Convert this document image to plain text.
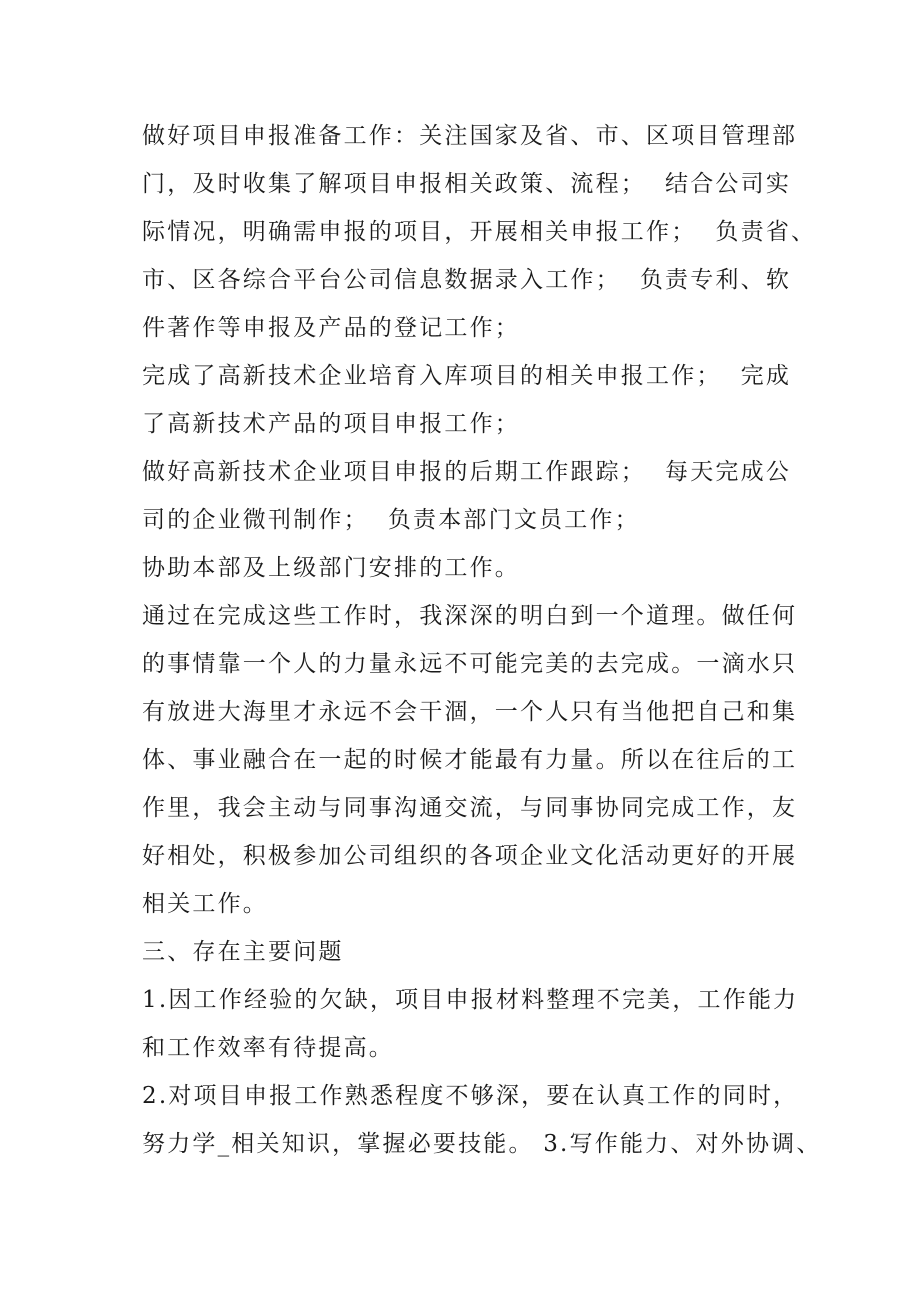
做好项目申报准备工作：关注国家及省、市、区项目管理部
门，及时收集了解项目申报相关政策、流程；  结合公司实
际情况，明确需申报的项目，开展相关申报工作；  负责省、
市、区各综合平台公司信息数据录入工作；  负责专利、软
件著作等申报及产品的登记工作；
完成了高新技术企业培育入库项目的相关申报工作；  完成
了高新技术产品的项目申报工作；
做好高新技术企业项目申报的后期工作跟踪；  每天完成公
司的企业微刊制作；  负责本部门文员工作；
协助本部及上级部门安排的工作。
通过在完成这些工作时，我深深的明白到一个道理。做任何
的事情靠一个人的力量永远不可能完美的去完成。一滴水只
有放进大海里才永远不会干涸，一个人只有当他把自己和集
体、事业融合在一起的时候才能最有力量。所以在往后的工
作里，我会主动与同事沟通交流，与同事协同完成工作，友
好相处，积极参加公司组织的各项企业文化活动更好的开展
相关工作。
三、存在主要问题
1.因工作经验的欠缺，项目申报材料整理不完美，工作能力
和工作效率有待提高。
2.对项目申报工作熟悉程度不够深，要在认真工作的同时，
努力学_相关知识，掌握必要技能。 3.写作能力、对外协调、
